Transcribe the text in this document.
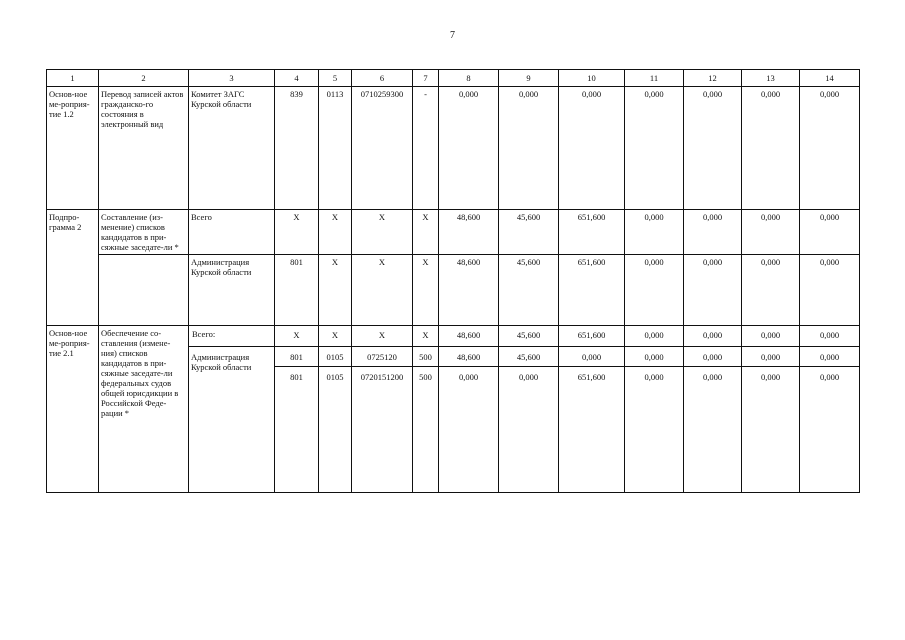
7
1	2	3	4	5	6	7	8	9	10	11	12	13	14
Основ-ное ме-роприя-тие 1.2	Перевод записей актов гражданско-го состояния в электронный вид	Комитет ЗАГС Курской области	839	0113	0710259300	-	0,000	0,000	0,000	0,000	0,000	0,000	0,000
Подпро-грамма 2	Составление (из-менение) списков кандидатов в при-сяжные заседате-ли *	Всего	X	X	X	X	48,600	45,600	651,600	0,000	0,000	0,000	0,000
		Администрация Курской области	801	X	X	X	48,600	45,600	651,600	0,000	0,000	0,000	0,000
Основ-ное ме-роприя-тие 2.1	Обеспечение со-ставления (измене-ния) списков кандидатов в при-сяжные заседате-ли федеральных судов общей юрисдикции в Российской Феде-рации *	Всего:	X	X	X	X	48,600	45,600	651,600	0,000	0,000	0,000	0,000
		Администрация Курской области	801	0105	0725120	500	48,600	45,600	0,000	0,000	0,000	0,000	0,000
			801	0105	0720151200	500	0,000	0,000	651,600	0,000	0,000	0,000	0,000
